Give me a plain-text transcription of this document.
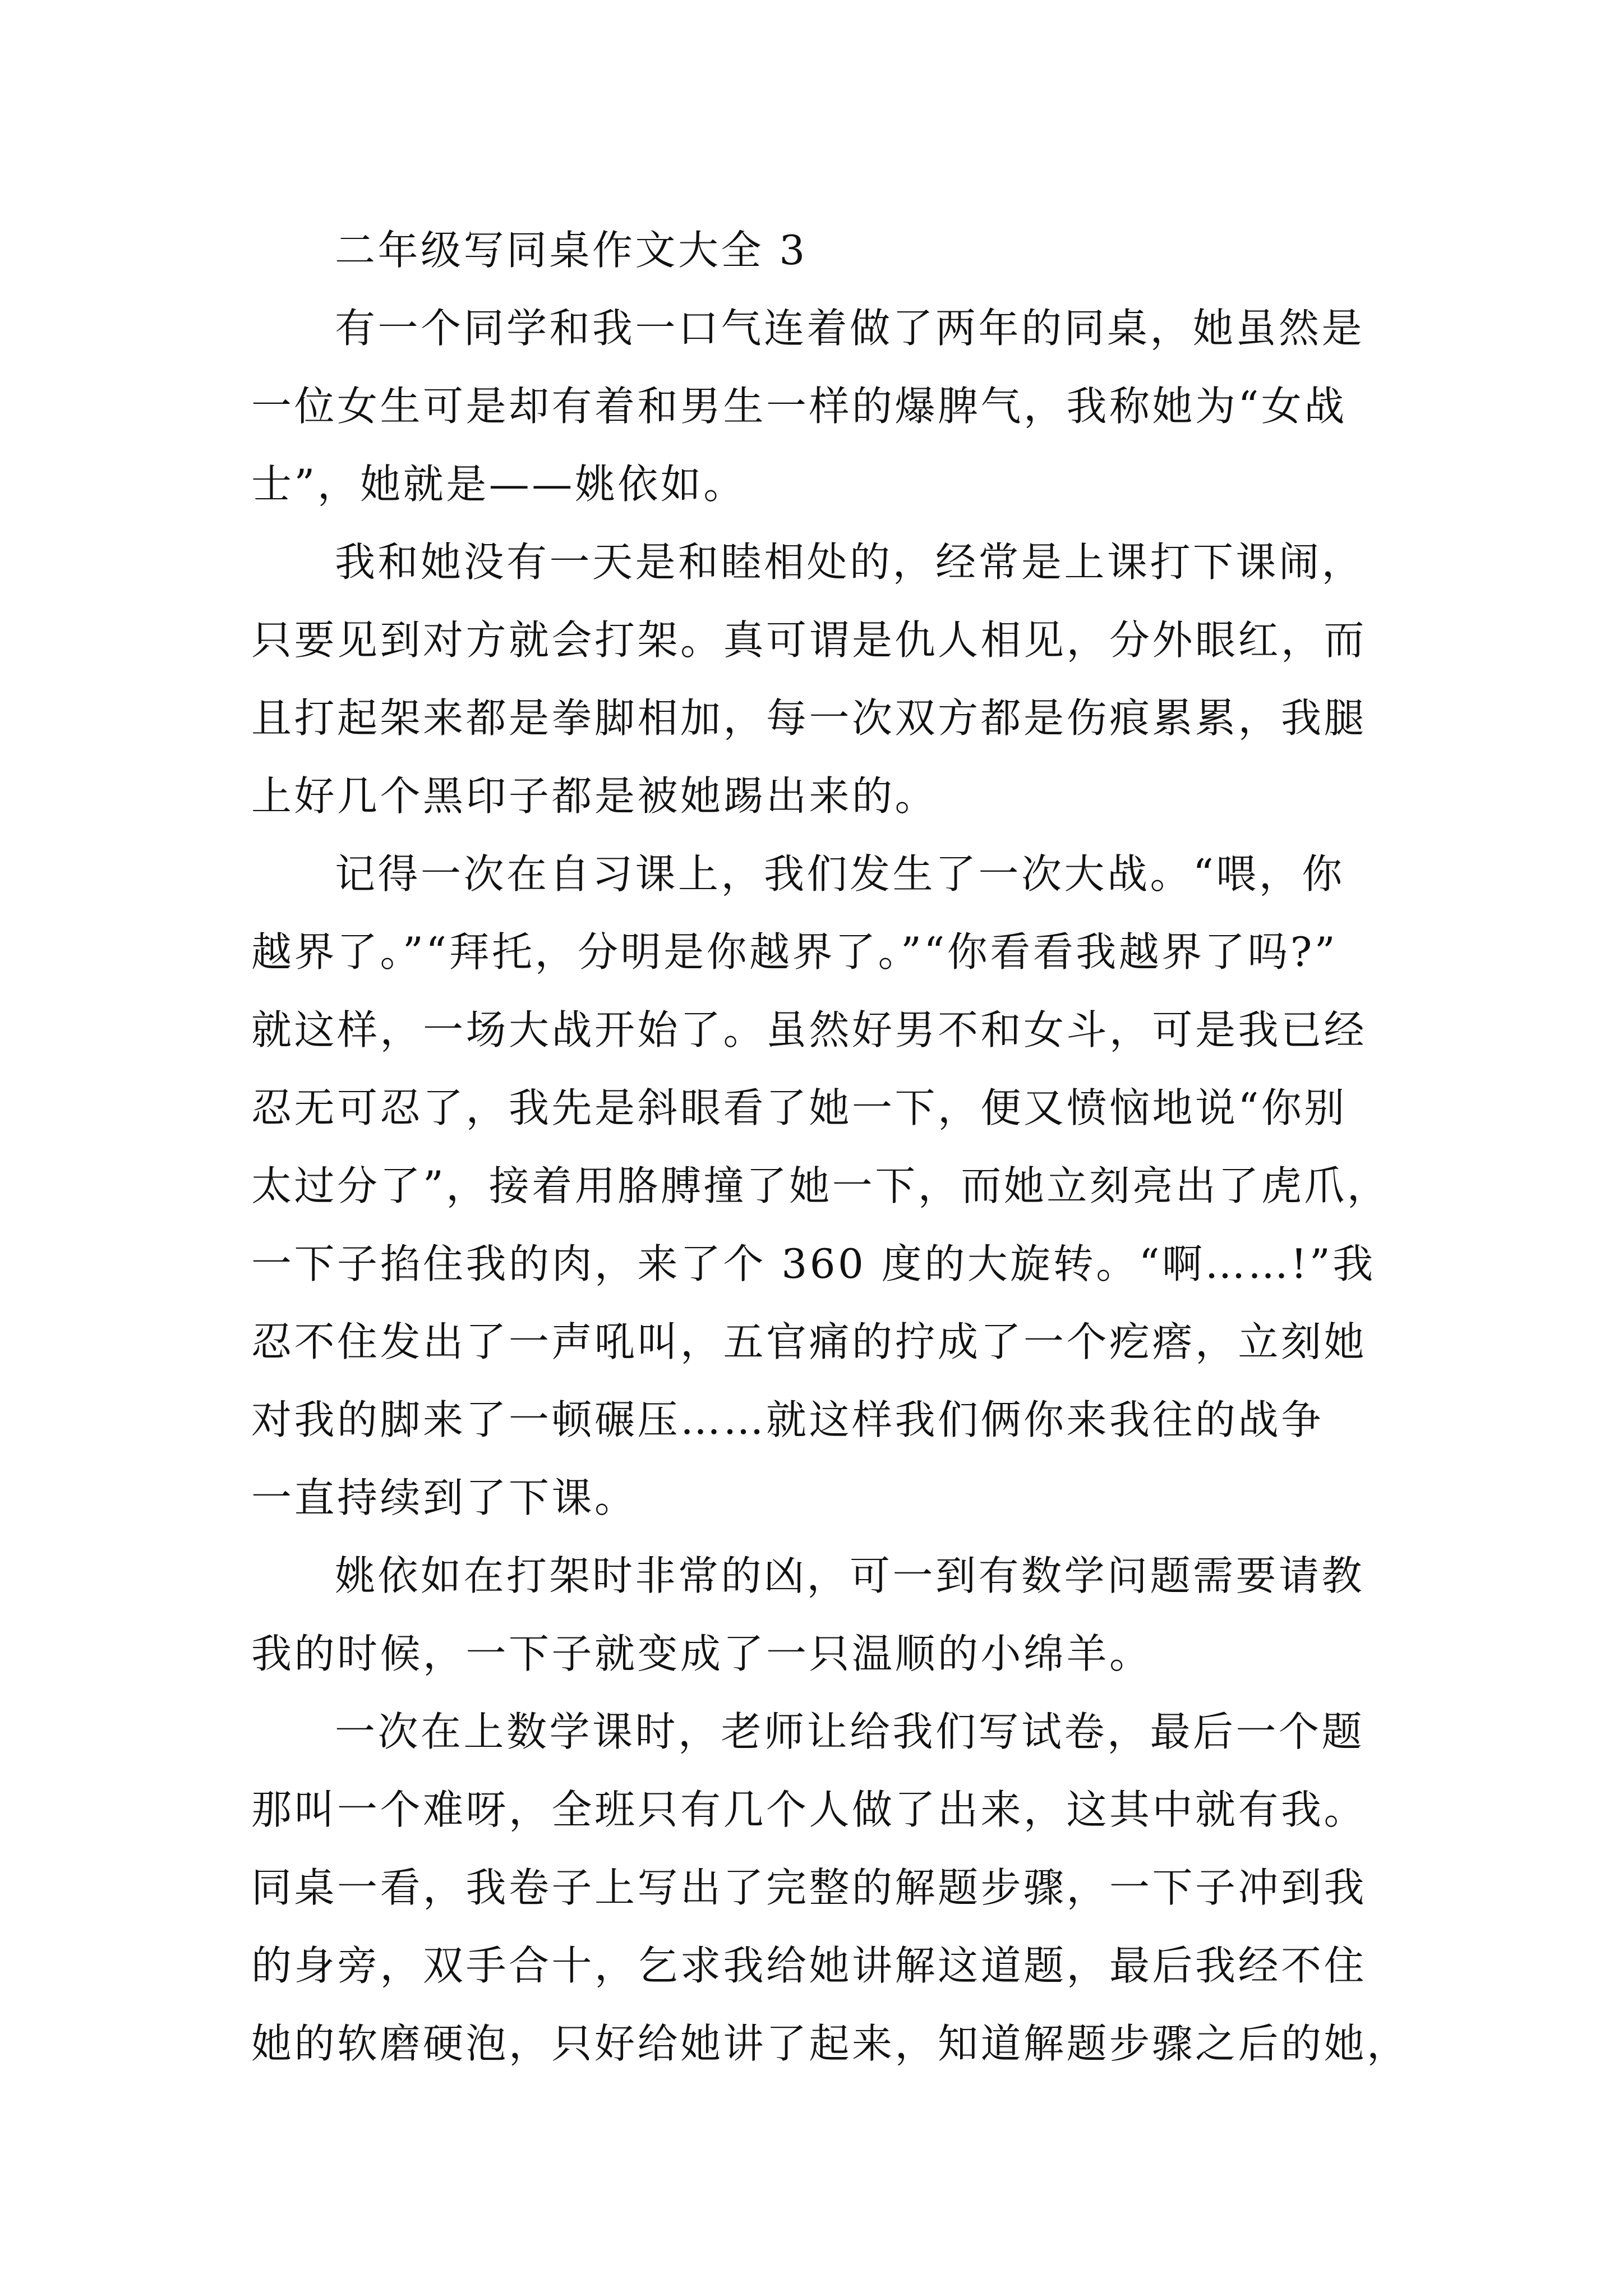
二年级写同桌作文大全 3
有一个同学和我一口气连着做了两年的同桌，她虽然是
一位女生可是却有着和男生一样的爆脾气，我称她为“女战
士”，她就是——姚依如。
我和她没有一天是和睦相处的，经常是上课打下课闹，
只要见到对方就会打架。真可谓是仇人相见，分外眼红，而
且打起架来都是拳脚相加，每一次双方都是伤痕累累，我腿
上好几个黑印子都是被她踢出来的。
记得一次在自习课上，我们发生了一次大战。“喂，你
越界了。”“拜托，分明是你越界了。”“你看看我越界了吗?”
就这样，一场大战开始了。虽然好男不和女斗，可是我已经
忍无可忍了，我先是斜眼看了她一下，便又愤恼地说“你别
太过分了”，接着用胳膊撞了她一下，而她立刻亮出了虎爪，
一下子掐住我的肉，来了个 360 度的大旋转。“啊……!”我
忍不住发出了一声吼叫，五官痛的拧成了一个疙瘩，立刻她
对我的脚来了一顿碾压……就这样我们俩你来我往的战争
一直持续到了下课。
姚依如在打架时非常的凶，可一到有数学问题需要请教
我的时候，一下子就变成了一只温顺的小绵羊。
一次在上数学课时，老师让给我们写试卷，最后一个题
那叫一个难呀，全班只有几个人做了出来，这其中就有我。
同桌一看，我卷子上写出了完整的解题步骤，一下子冲到我
的身旁，双手合十，乞求我给她讲解这道题，最后我经不住
她的软磨硬泡，只好给她讲了起来，知道解题步骤之后的她，
